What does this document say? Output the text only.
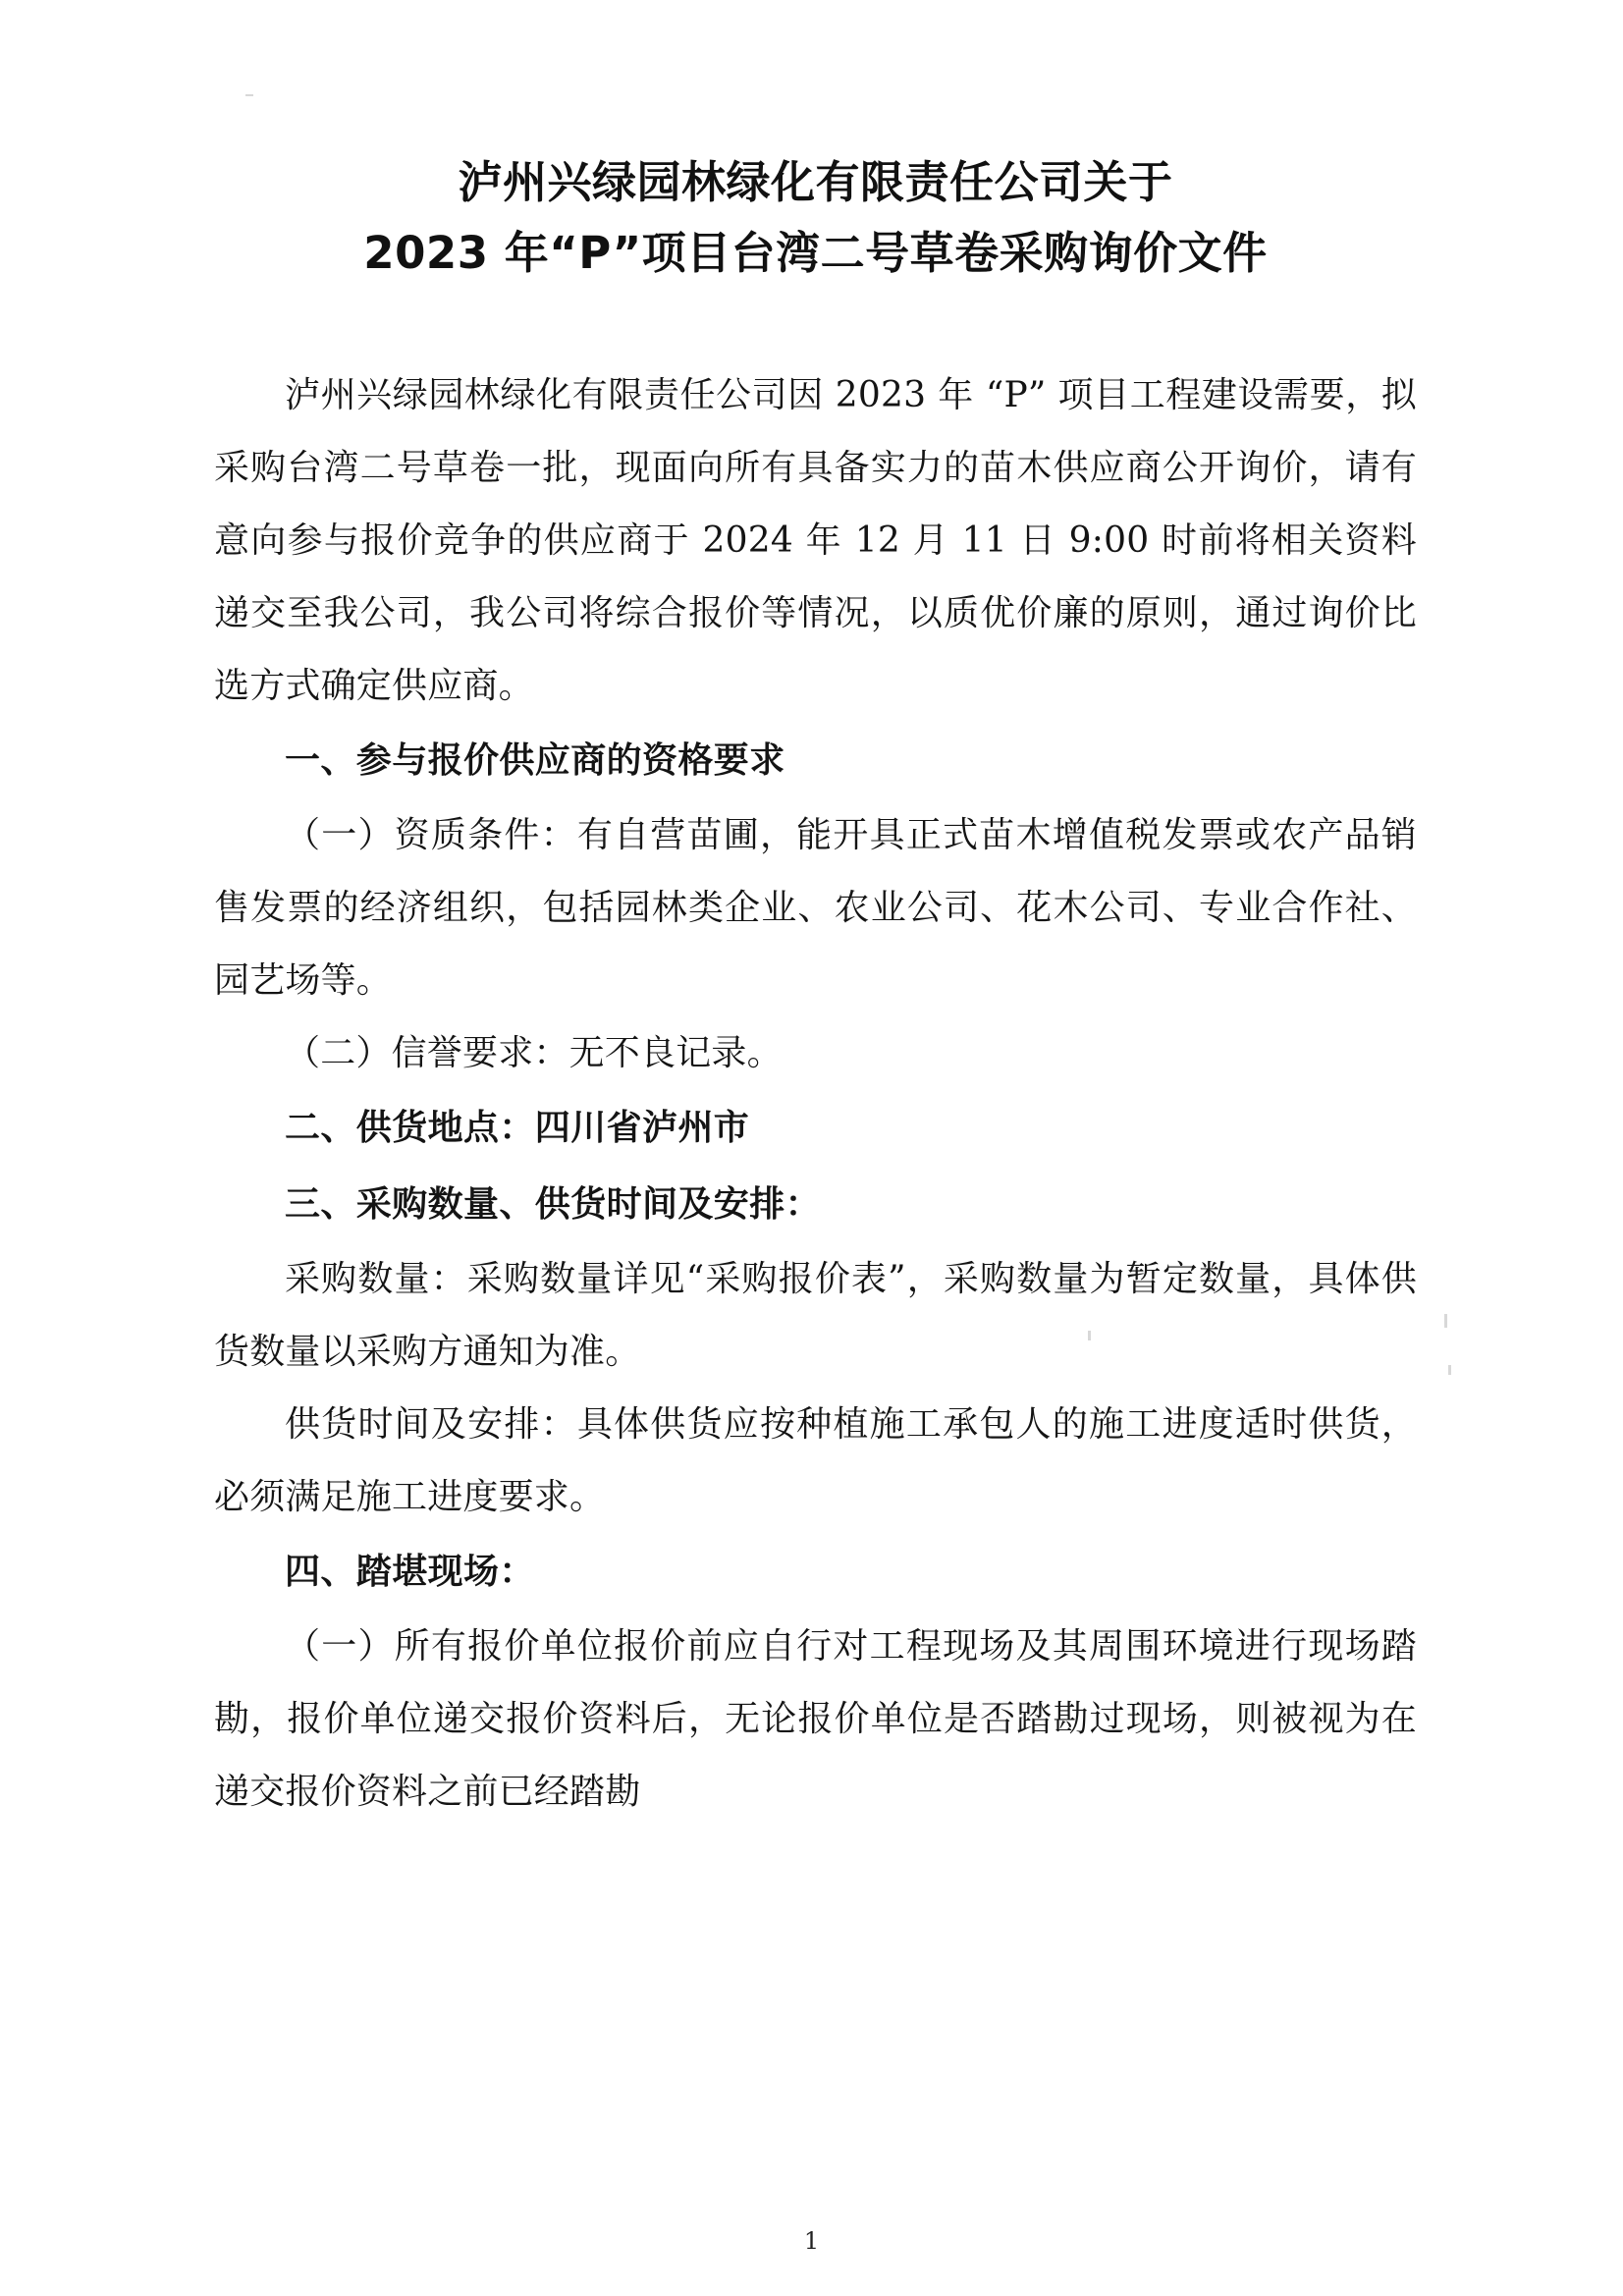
泸州兴绿园林绿化有限责任公司关于
2023 年“P”项目台湾二号草卷采购询价文件

泸州兴绿园林绿化有限责任公司因 2023 年 “P” 项目工程建设需要，拟采购台湾二号草卷一批，现面向所有具备实力的苗木供应商公开询价，请有意向参与报价竞争的供应商于 2024 年 12 月 11 日 9:00 时前将相关资料递交至我公司，我公司将综合报价等情况，以质优价廉的原则，通过询价比选方式确定供应商。

一、参与报价供应商的资格要求

（一）资质条件：有自营苗圃，能开具正式苗木增值税发票或农产品销售发票的经济组织，包括园林类企业、农业公司、花木公司、专业合作社、园艺场等。

（二）信誉要求：无不良记录。

二、供货地点：四川省泸州市

三、采购数量、供货时间及安排：

采购数量：采购数量详见“采购报价表”，采购数量为暂定数量，具体供货数量以采购方通知为准。

供货时间及安排：具体供货应按种植施工承包人的施工进度适时供货，必须满足施工进度要求。

四、踏堪现场：

（一）所有报价单位报价前应自行对工程现场及其周围环境进行现场踏勘，报价单位递交报价资料后，无论报价单位是否踏勘过现场，则被视为在递交报价资料之前已经踏勘

1
